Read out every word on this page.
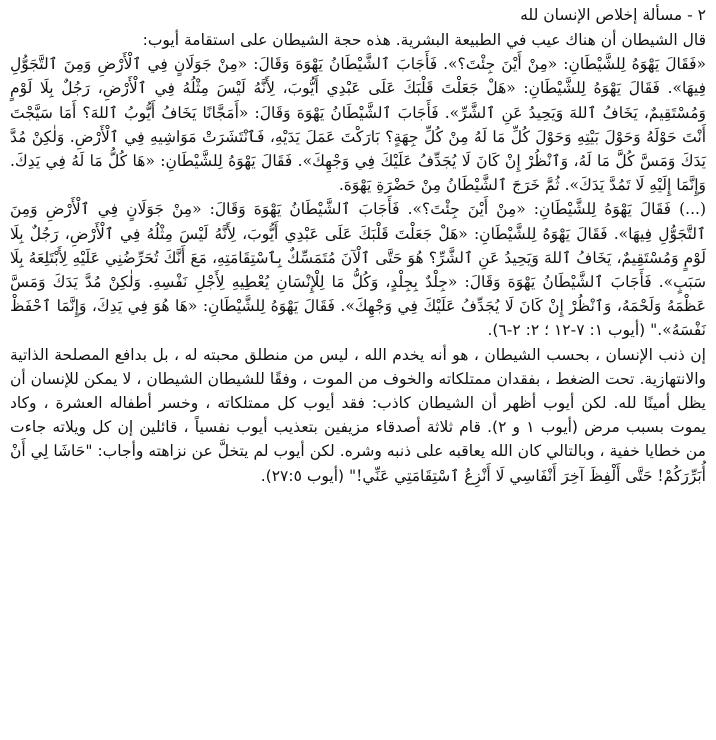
٢ - مسألة إخلاص الإنسان لله

قال الشيطان أن هناك عيب في الطبيعة البشرية. هذه حجة الشيطان على استقامة أيوب:

«فَقَالَ يَهْوَهُ لِلشَّيْطَانِ: «مِنْ أَيْنَ جِئْتَ؟». فَأَجَابَ ٱلشَّيْطَانُ يَهْوَهَ وَقَالَ: «مِنْ جَوَلَانٍ فِي ٱلْأَرْضِ وَمِنَ ٱلتَّجَوُّلِ فِيهَا». فَقَالَ يَهْوَهُ لِلشَّيْطَانِ: «هَلْ جَعَلْتَ قَلْبَكَ عَلَى عَبْدِي أَيُّوبَ، لِأَنَّهُ لَيْسَ مِثْلُهُ فِي ٱلْأَرْضِ، رَجُلٌ بِلَا لَوْمٍ وَمُسْتَقِيمٌ، يَخَافُ ٱللهَ وَيَحِيدُ عَنِ ٱلشَّرِّ». فَأَجَابَ ٱلشَّيْطَانُ يَهْوَهَ وَقَالَ: «أَمَجَّانًا يَخَافُ أَيُّوبُ ٱللهَ؟ أَمَا سَيَّجْتَ أَنْتَ حَوْلَهُ وَحَوْلَ بَيْتِهِ وَحَوْلَ كُلِّ مَا لَهُ مِنْ كُلِّ جِهَةٍ؟ بَارَكْتَ عَمَلَ يَدَيْهِ، فَٱنْتَشَرَتْ مَوَاشِيهِ فِي ٱلْأَرْضِ. وَلٰكِنْ مُدَّ يَدَكَ وَمَسَّ كُلَّ مَا لَهُ، وَٱنْظُرْ إِنْ كَانَ لَا يُجَدِّفُ عَلَيْكَ فِي وَجْهِكَ». فَقَالَ يَهْوَهُ لِلشَّيْطَانِ: «هَا كُلُّ مَا لَهُ فِي يَدِكَ. وَإِنَّمَا إِلَيْهِ لَا تَمُدَّ يَدَكَ». ثُمَّ خَرَجَ ٱلشَّيْطَانُ مِنْ حَضْرَةِ يَهْوَهَ.

(...) فَقَالَ يَهْوَهُ لِلشَّيْطَانِ: «مِنْ أَيْنَ جِئْتَ؟». فَأَجَابَ ٱلشَّيْطَانُ يَهْوَهَ وَقَالَ: «مِنْ جَوَلَانٍ فِي ٱلْأَرْضِ وَمِنَ ٱلتَّجَوُّلِ فِيهَا». فَقَالَ يَهْوَهُ لِلشَّيْطَانِ: «هَلْ جَعَلْتَ قَلْبَكَ عَلَى عَبْدِي أَيُّوبَ، لِأَنَّهُ لَيْسَ مِثْلُهُ فِي ٱلْأَرْضِ، رَجُلٌ بِلَا لَوْمٍ وَمُسْتَقِيمٌ، يَخَافُ ٱللهَ وَيَحِيدُ عَنِ ٱلشَّرِّ؟ هُوَ حَتَّى ٱلْآنَ مُتَمَسِّكٌ بِٱسْتِقَامَتِهِ، مَعَ أَنَّكَ تُحَرِّضُنِي عَلَيْهِ لِأَبْتَلِعَهُ بِلَا سَبَبٍ». فَأَجَابَ ٱلشَّيْطَانُ يَهْوَهَ وَقَالَ: «جِلْدٌ بِجِلْدٍ، وَكُلُّ مَا لِلْإِنْسَانِ يُعْطِيهِ لِأَجْلِ نَفْسِهِ. وَلٰكِنْ مُدَّ يَدَكَ وَمَسَّ عَظْمَهُ وَلَحْمَهُ، وَٱنْظُرْ إِنْ كَانَ لَا يُجَدِّفُ عَلَيْكَ فِي وَجْهِكَ». فَقَالَ يَهْوَهُ لِلشَّيْطَانِ: «هَا هُوَ فِي يَدِكَ، وَإِنَّمَا ٱحْفَظْ نَفْسَهُ»." (أيوب ١: ٧-١٢ ؛ ٢: ٢-٦).

إن ذنب الإنسان ، بحسب الشيطان ، هو أنه يخدم الله ، ليس من منطلق محبته له ، بل بدافع المصلحة الذاتية والانتهازية. تحت الضغط ، بفقدان ممتلكاته والخوف من الموت ، وفقًا للشيطان الشيطان ، لا يمكن للإنسان أن يظل أمينًا لله. لكن أيوب أظهر أن الشيطان كاذب: فقد أيوب كل ممتلكاته ، وخسر أطفاله العشرة ، وكاد يموت بسبب مرض (أيوب ١ و ٢). قام ثلاثة أصدقاء مزيفين بتعذيب أيوب نفسياً ، قائلين إن كل ويلاته جاءت من خطايا خفية ، وبالتالي كان الله يعاقبه على ذنبه وشره. لكن أيوب لم يتخلَّ عن نزاهته وأجاب: "حَاشَا لِي أَنْ أُبَرِّرَكُمْ! حَتَّى أَلْفِظَ آخِرَ أَنْفَاسِي لَا أَنْزِعُ ٱسْتِقَامَتِي عَنِّي!" (أيوب ٢٧:٥).
